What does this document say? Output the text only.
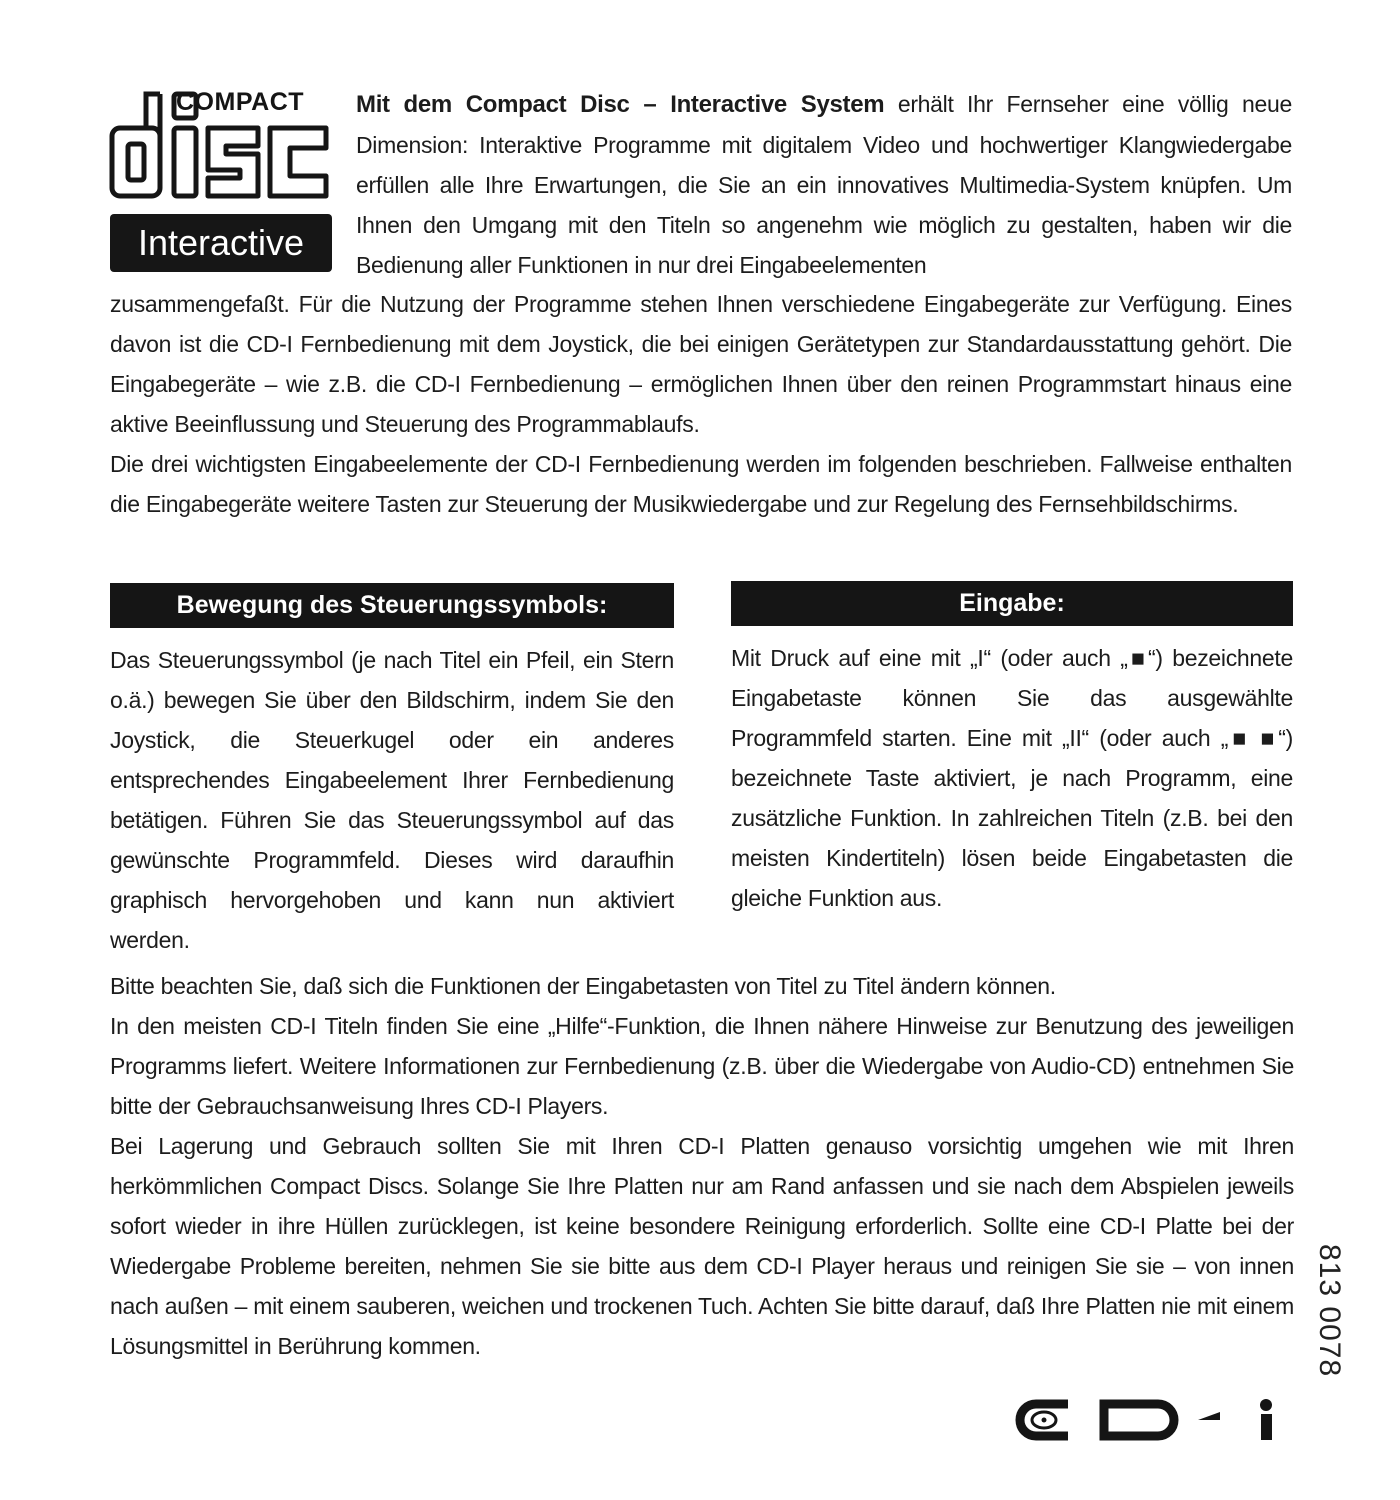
COMPACT
Interactive

Mit dem Compact Disc – Interactive System erhält Ihr Fernseher eine völlig neue Dimension: Interaktive Programme mit digitalem Video und hochwertiger Klangwiedergabe erfüllen alle Ihre Erwartungen, die Sie an ein innovatives Multimedia-System knüpfen. Um Ihnen den Umgang mit den Titeln so angenehm wie möglich zu gestalten, haben wir die Bedienung aller Funktionen in nur drei Eingabeelementen

zusammengefaßt. Für die Nutzung der Programme stehen Ihnen verschiedene Eingabegeräte zur Verfügung. Eines davon ist die CD-I Fernbedienung mit dem Joystick, die bei einigen Gerätetypen zur Standardausstattung gehört. Die Eingabegeräte – wie z.B. die CD-I Fernbedienung – ermöglichen Ihnen über den reinen Programmstart hinaus eine aktive Beeinflussung und Steuerung des Programmablaufs.

Die drei wichtigsten Eingabeelemente der CD-I Fernbedienung werden im folgenden beschrieben. Fallweise enthalten die Eingabegeräte weitere Tasten zur Steuerung der Musikwiedergabe und zur Regelung des Fernsehbildschirms.

Bewegung des Steuerungssymbols:	Eingabe:
Das Steuerungssymbol (je nach Titel ein Pfeil, ein Stern o.ä.) bewegen Sie über den Bildschirm, indem Sie den Joystick, die Steuerkugel oder ein anderes entsprechendes Eingabeelement Ihrer Fernbedienung betätigen. Führen Sie das Steuerungssymbol auf das gewünschte Programmfeld. Dieses wird daraufhin graphisch hervorgehoben und kann nun aktiviert werden.
Mit Druck auf eine mit „I“ (oder auch „■“) bezeichnete Eingabetaste können Sie das ausgewählte Programmfeld starten. Eine mit „II“ (oder auch „■ ■“) bezeichnete Taste aktiviert, je nach Programm, eine zusätzliche Funktion. In zahlreichen Titeln (z.B. bei den meisten Kindertiteln) lösen beide Eingabetasten die gleiche Funktion aus.

Bitte beachten Sie, daß sich die Funktionen der Eingabetasten von Titel zu Titel ändern können.

In den meisten CD-I Titeln finden Sie eine „Hilfe“-Funktion, die Ihnen nähere Hinweise zur Benutzung des jeweiligen Programms liefert. Weitere Informationen zur Fernbedienung (z.B. über die Wiedergabe von Audio-CD) entnehmen Sie bitte der Gebrauchsanweisung Ihres CD-I Players.

Bei Lagerung und Gebrauch sollten Sie mit Ihren CD-I Platten genauso vorsichtig umgehen wie mit Ihren herkömmlichen Compact Discs. Solange Sie Ihre Platten nur am Rand anfassen und sie nach dem Abspielen jeweils sofort wieder in ihre Hüllen zurücklegen, ist keine besondere Reinigung erforderlich. Sollte eine CD-I Platte bei der Wiedergabe Probleme bereiten, nehmen Sie sie bitte aus dem CD-I Player heraus und reinigen Sie sie – von innen nach außen – mit einem sauberen, weichen und trockenen Tuch. Achten Sie bitte darauf, daß Ihre Platten nie mit einem Lösungsmittel in Berührung kommen.	813 0078
CD-i
